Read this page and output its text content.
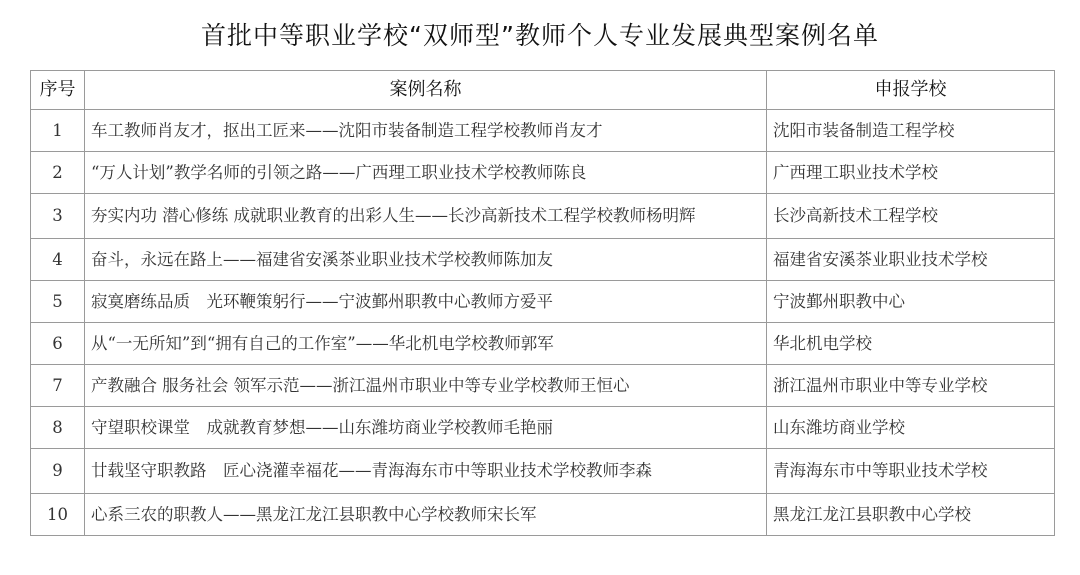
首批中等职业学校“双师型”教师个人专业发展典型案例名单
序号	案例名称	申报学校
1	车工教师肖友才，抠出工匠来——沈阳市装备制造工程学校教师肖友才	沈阳市装备制造工程学校
2	“万人计划”教学名师的引领之路——广西理工职业技术学校教师陈良	广西理工职业技术学校
3	夯实内功 潜心修练 成就职业教育的出彩人生——长沙高新技术工程学校教师杨明辉	长沙高新技术工程学校
4	奋斗，永远在路上——福建省安溪茶业职业技术学校教师陈加友	福建省安溪茶业职业技术学校
5	寂寞磨练品质　光环鞭策躬行——宁波鄞州职教中心教师方爱平	宁波鄞州职教中心
6	从“一无所知”到“拥有自己的工作室”——华北机电学校教师郭军	华北机电学校
7	产教融合 服务社会 领军示范——浙江温州市职业中等专业学校教师王恒心	浙江温州市职业中等专业学校
8	守望职校课堂　成就教育梦想——山东潍坊商业学校教师毛艳丽	山东潍坊商业学校
9	廿载坚守职教路　匠心浇灌幸福花——青海海东市中等职业技术学校教师李森	青海海东市中等职业技术学校
10	心系三农的职教人——黑龙江龙江县职教中心学校教师宋长军	黑龙江龙江县职教中心学校
